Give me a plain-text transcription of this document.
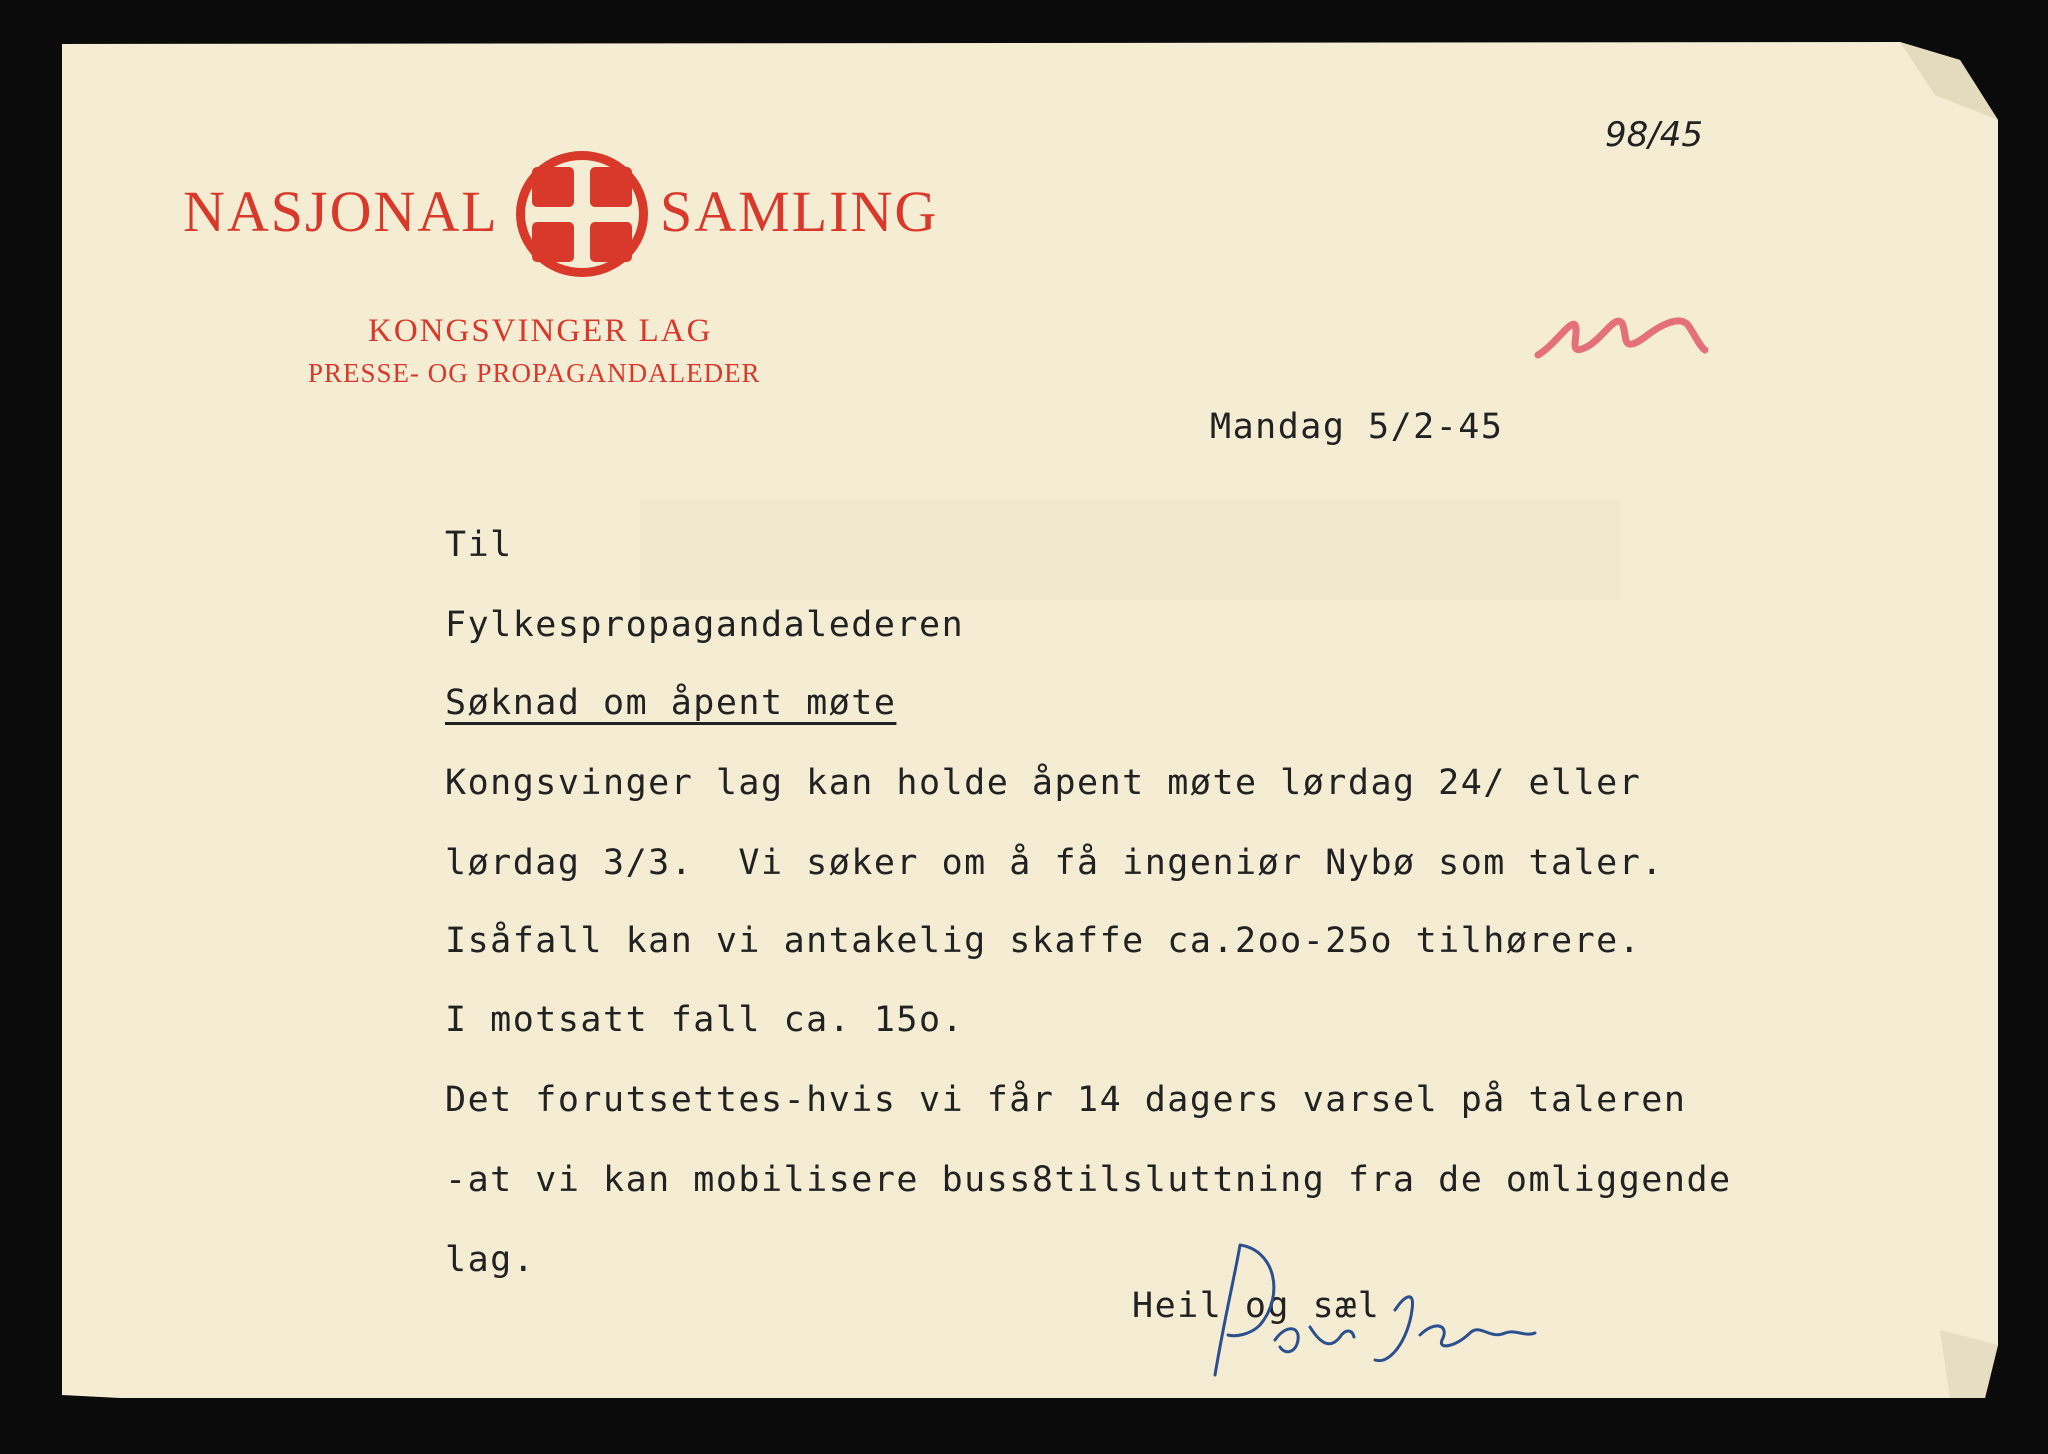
NASJONAL	SAMLING
KONGSVINGER LAG
PRESSE- OG PROPAGANDALEDER
98/45
Mandag 5/2-45
Til
Fylkespropagandalederen
Søknad om åpent møte
Kongsvinger lag kan holde åpent møte lørdag 24/ eller
lørdag 3/3.  Vi søker om å få ingeniør Nybø som taler.
Isåfall kan vi antakelig skaffe ca.2oo-25o tilhørere.
I motsatt fall ca. 15o.
Det forutsettes-hvis vi får 14 dagers varsel på taleren
-at vi kan mobilisere buss8tilsluttning fra de omliggende
lag.
Heil og sæl
